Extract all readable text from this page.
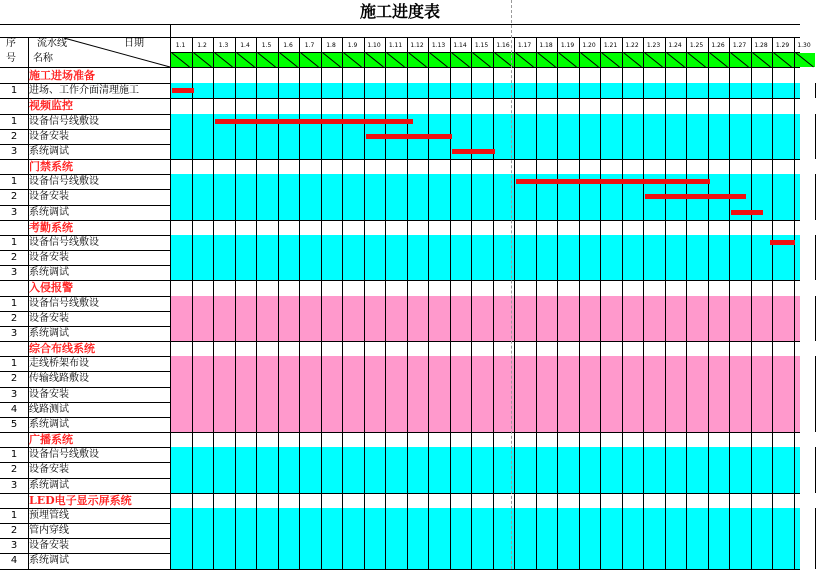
施工进度表
序
号
流水线	日期
名称
1.1	1.2	1.3	1.4	1.5	1.6	1.7	1.8	1.9	1.10	1.11	1.12	1.13	1.14	1.15	1.16	1.17	1.18	1.19	1.20	1.21	1.22	1.23	1.24	1.25	1.26	1.27	1.28	1.29	1.30
施工进场准备
1	进场、工作介面清理施工
视频监控
1	设备信号线敷设
2	设备安装
3	系统调试
门禁系统
1	设备信号线敷设
2	设备安装
3	系统调试
考勤系统
1	设备信号线敷设
2	设备安装
3	系统调试
入侵报警
1	设备信号线敷设
2	设备安装
3	系统调试
综合布线系统
1	走线桥架布设
2	传输线路敷设
3	设备安装
4	线路测试
5	系统调试
广播系统
1	设备信号线敷设
2	设备安装
3	系统调试
LED电子显示屏系统
1	预埋管线
2	管内穿线
3	设备安装
4	系统调试
